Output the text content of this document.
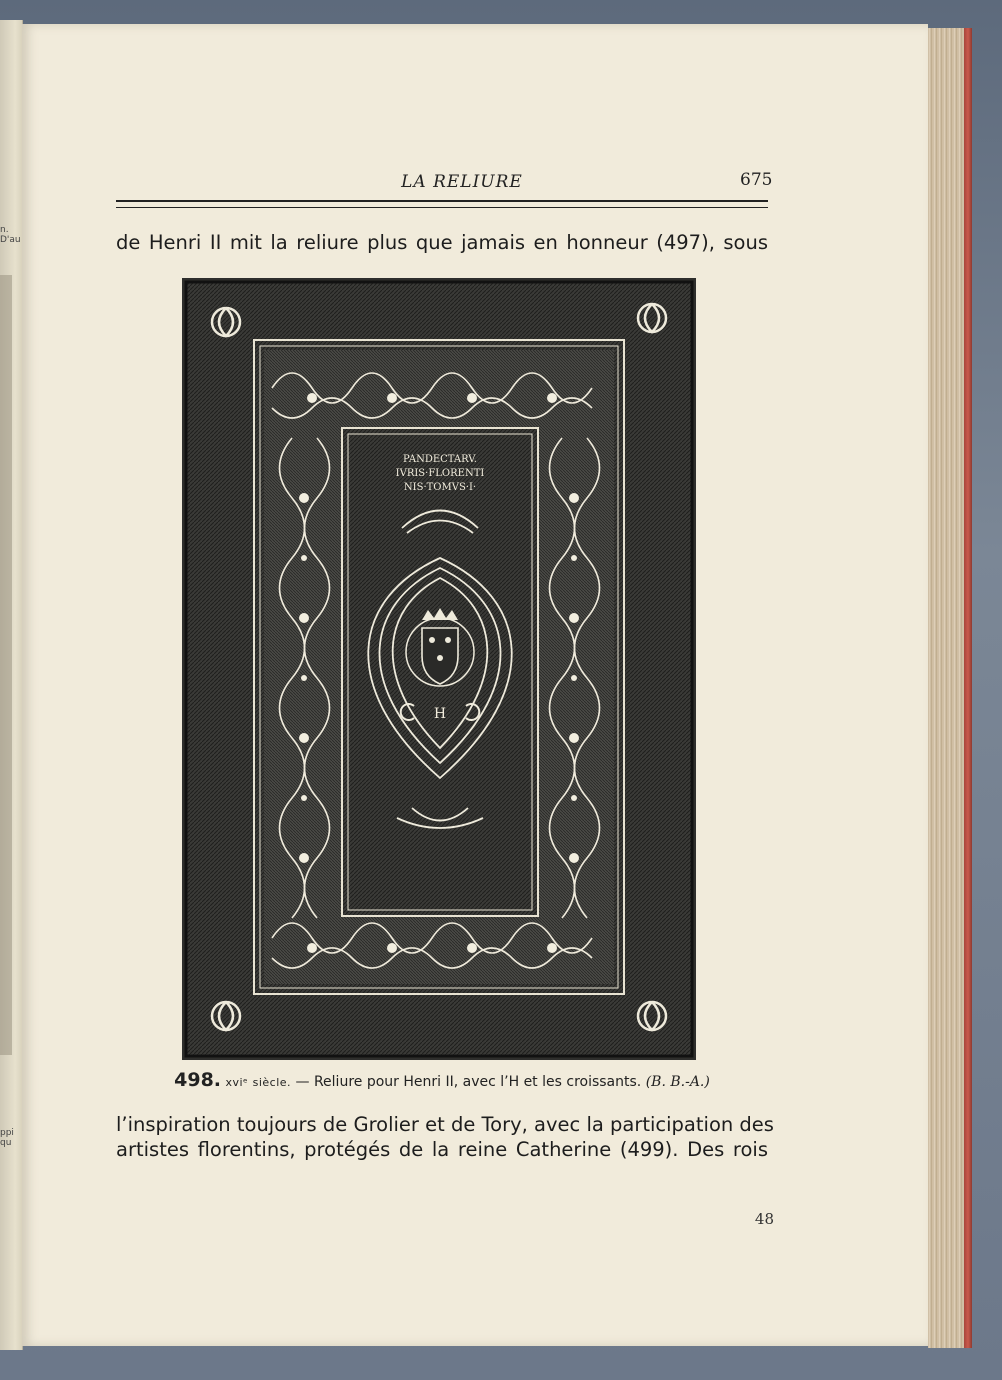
n. D'au
ppi qu
LA RELIURE	675
de Henri II mit la reliure plus que jamais en honneur (497), sous
PANDECTARV.
IVRIS·FLORENTI
NIS·TOMVS·I·
H
498. xviᵉ siècle. — Reliure pour Henri II, avec l’H et les croissants. (B. B.-A.)
l’inspiration toujours de Grolier et de Tory, avec la participation des
artistes florentins, protégés de la reine Catherine (499). Des rois
48
